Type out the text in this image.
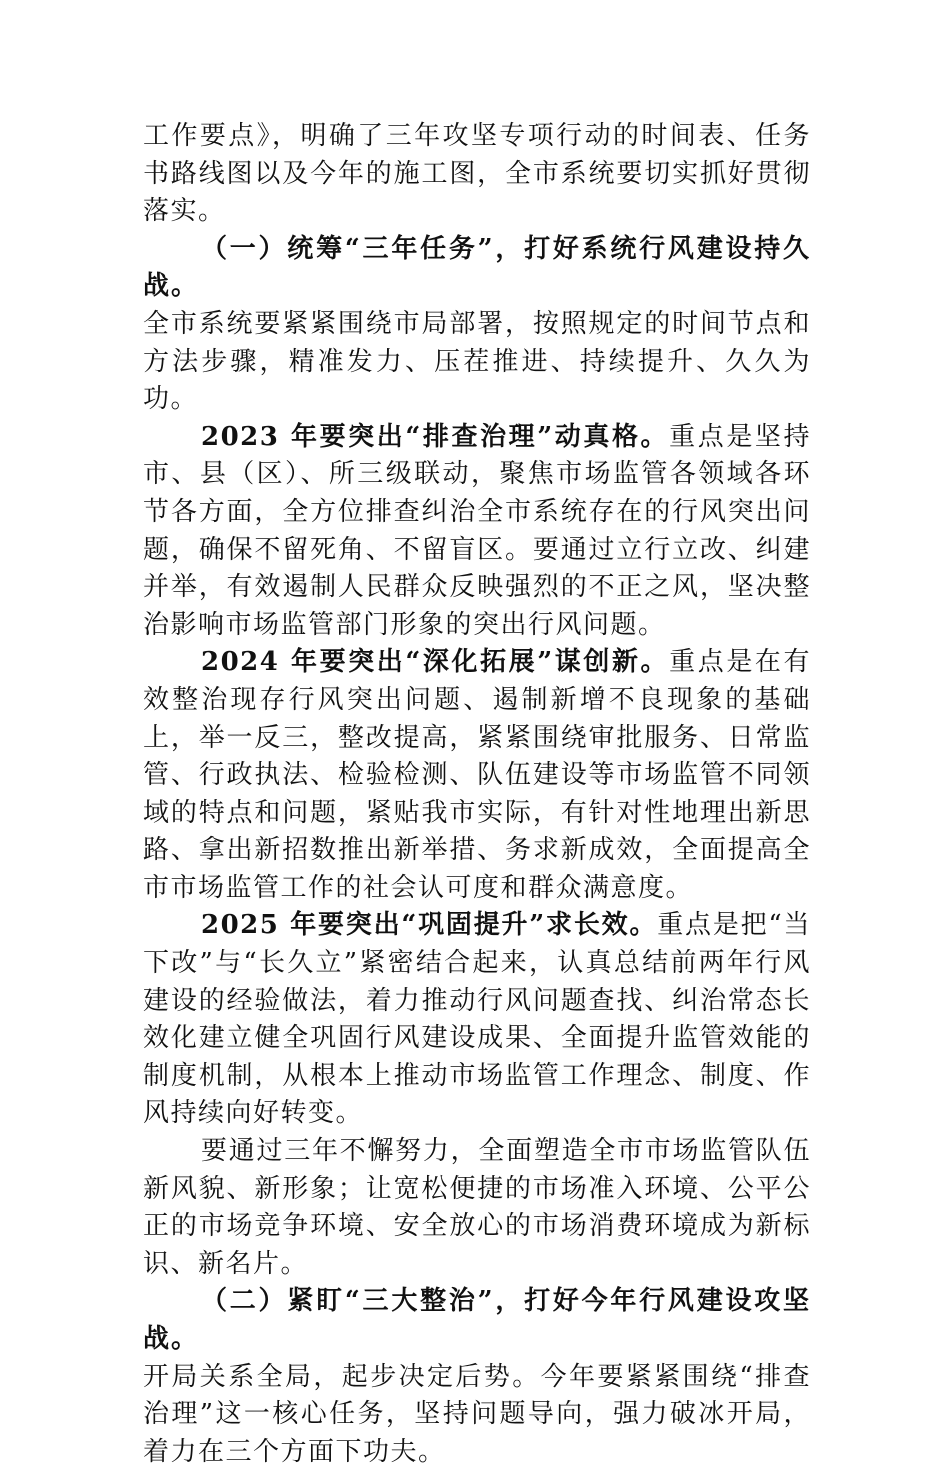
工作要点》，明确了三年攻坚专项行动的时间表、任务书路线图以及今年的施工图，全市系统要切实抓好贯彻落实。

（一）统筹“三年任务”，打好系统行风建设持久战。

全市系统要紧紧围绕市局部署，按照规定的时间节点和方法步骤，精准发力、压茬推进、持续提升、久久为功。

2023 年要突出“排查治理”动真格。重点是坚持市、县（区）、所三级联动，聚焦市场监管各领域各环节各方面，全方位排查纠治全市系统存在的行风突出问题，确保不留死角、不留盲区。要通过立行立改、纠建并举，有效遏制人民群众反映强烈的不正之风，坚决整治影响市场监管部门形象的突出行风问题。

2024 年要突出“深化拓展”谋创新。重点是在有效整治现存行风突出问题、遏制新增不良现象的基础上，举一反三，整改提高，紧紧围绕审批服务、日常监管、行政执法、检验检测、队伍建设等市场监管不同领域的特点和问题，紧贴我市实际，有针对性地理出新思路、拿出新招数推出新举措、务求新成效，全面提高全市市场监管工作的社会认可度和群众满意度。

2025 年要突出“巩固提升”求长效。重点是把“当下改”与“长久立”紧密结合起来，认真总结前两年行风建设的经验做法，着力推动行风问题查找、纠治常态长效化建立健全巩固行风建设成果、全面提升监管效能的制度机制，从根本上推动市场监管工作理念、制度、作风持续向好转变。

要通过三年不懈努力，全面塑造全市市场监管队伍新风貌、新形象；让宽松便捷的市场准入环境、公平公正的市场竞争环境、安全放心的市场消费环境成为新标识、新名片。

（二）紧盯“三大整治”，打好今年行风建设攻坚战。

开局关系全局，起步决定后势。今年要紧紧围绕“排查治理”这一核心任务，坚持问题导向，强力破冰开局，着力在三个方面下功夫。
